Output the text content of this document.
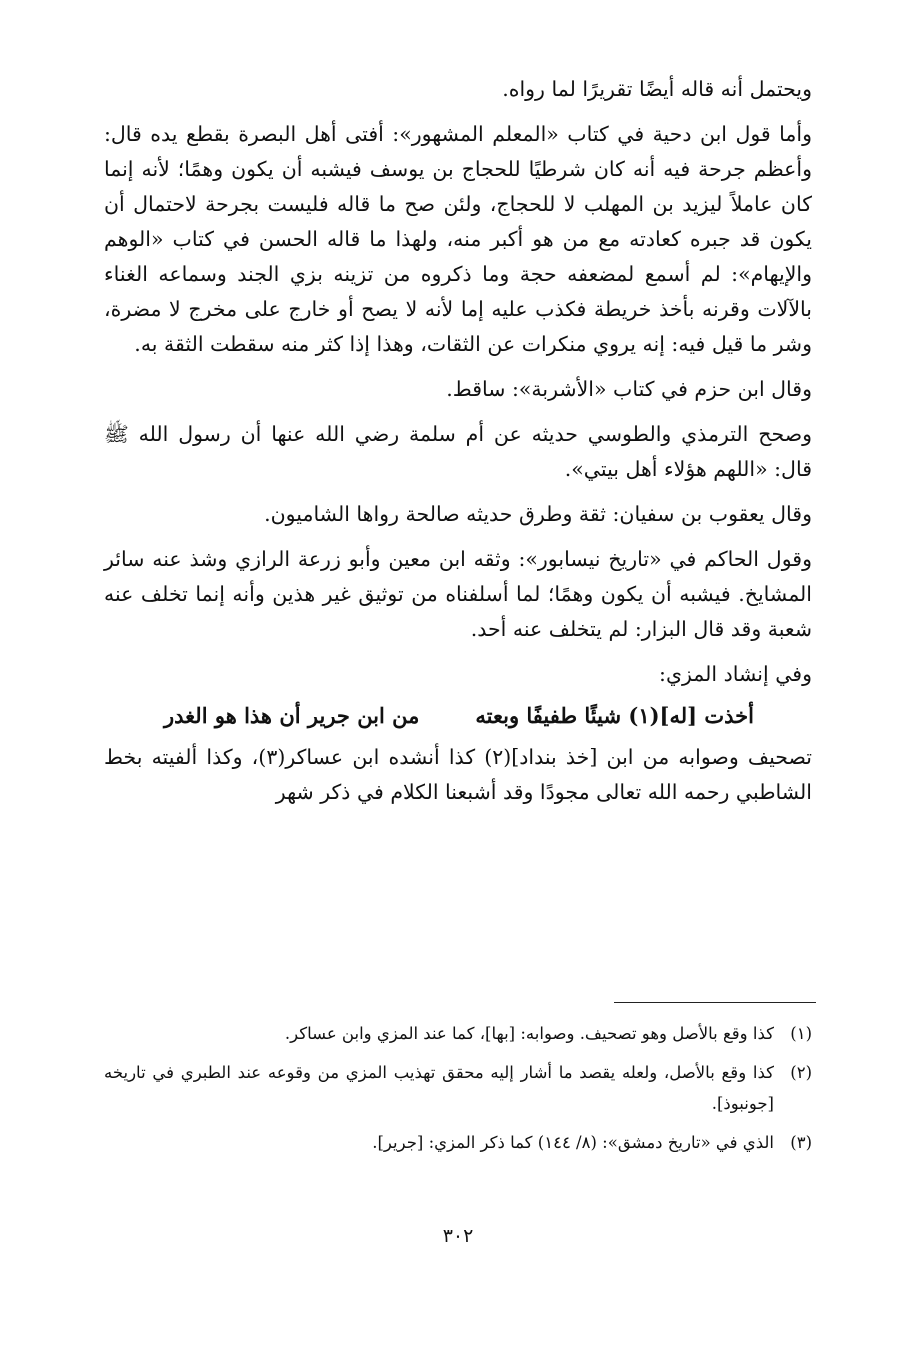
ويحتمل أنه قاله أيضًا تقريرًا لما رواه.

وأما قول ابن دحية في كتاب «المعلم المشهور»: أفتى أهل البصرة بقطع يده قال: وأعظم جرحة فيه أنه كان شرطيًا للحجاج بن يوسف فيشبه أن يكون وهمًا؛ لأنه إنما كان عاملاً ليزيد بن المهلب لا للحجاج، ولئن صح ما قاله فليست بجرحة لاحتمال أن يكون قد جبره كعادته مع من هو أكبر منه، ولهذا ما قاله الحسن في كتاب «الوهم والإيهام»: لم أسمع لمضعفه حجة وما ذكروه من تزينه بزي الجند وسماعه الغناء بالآلات وقرنه بأخذ خريطة فكذب عليه إما لأنه لا يصح أو خارج على مخرج لا مضرة، وشر ما قيل فيه: إنه يروي منكرات عن الثقات، وهذا إذا كثر منه سقطت الثقة به.

وقال ابن حزم في كتاب «الأشربة»: ساقط.

وصحح الترمذي والطوسي حديثه عن أم سلمة رضي الله عنها أن رسول الله ﷺ قال: «اللهم هؤلاء أهل بيتي».

وقال يعقوب بن سفيان: ثقة وطرق حديثه صالحة رواها الشاميون.

وقول الحاكم في «تاريخ نيسابور»: وثقه ابن معين وأبو زرعة الرازي وشذ عنه سائر المشايخ. فيشبه أن يكون وهمًا؛ لما أسلفناه من توثيق غير هذين وأنه إنما تخلف عنه شعبة وقد قال البزار: لم يتخلف عنه أحد.

وفي إنشاد المزي:

أخذت [له](١) شيئًا طفيفًا وبعته
من ابن جرير أن هذا هو الغدر

تصحيف وصوابه من ابن [خذ بنداد](٢) كذا أنشده ابن عساكر(٣)، وكذا ألفيته بخط الشاطبي رحمه الله تعالى مجودًا وقد أشبعنا الكلام في ذكر شهر

(١)
كذا وقع بالأصل وهو تصحيف. وصوابه: [بها]، كما عند المزي وابن عساكر.
(٢)
كذا وقع بالأصل، ولعله يقصد ما أشار إليه محقق تهذيب المزي من وقوعه عند الطبري في تاريخه [جونبوذ].
(٣)
الذي في «تاريخ دمشق»: (٨/ ١٤٤) كما ذكر المزي: [جرير].
٣٠٢
